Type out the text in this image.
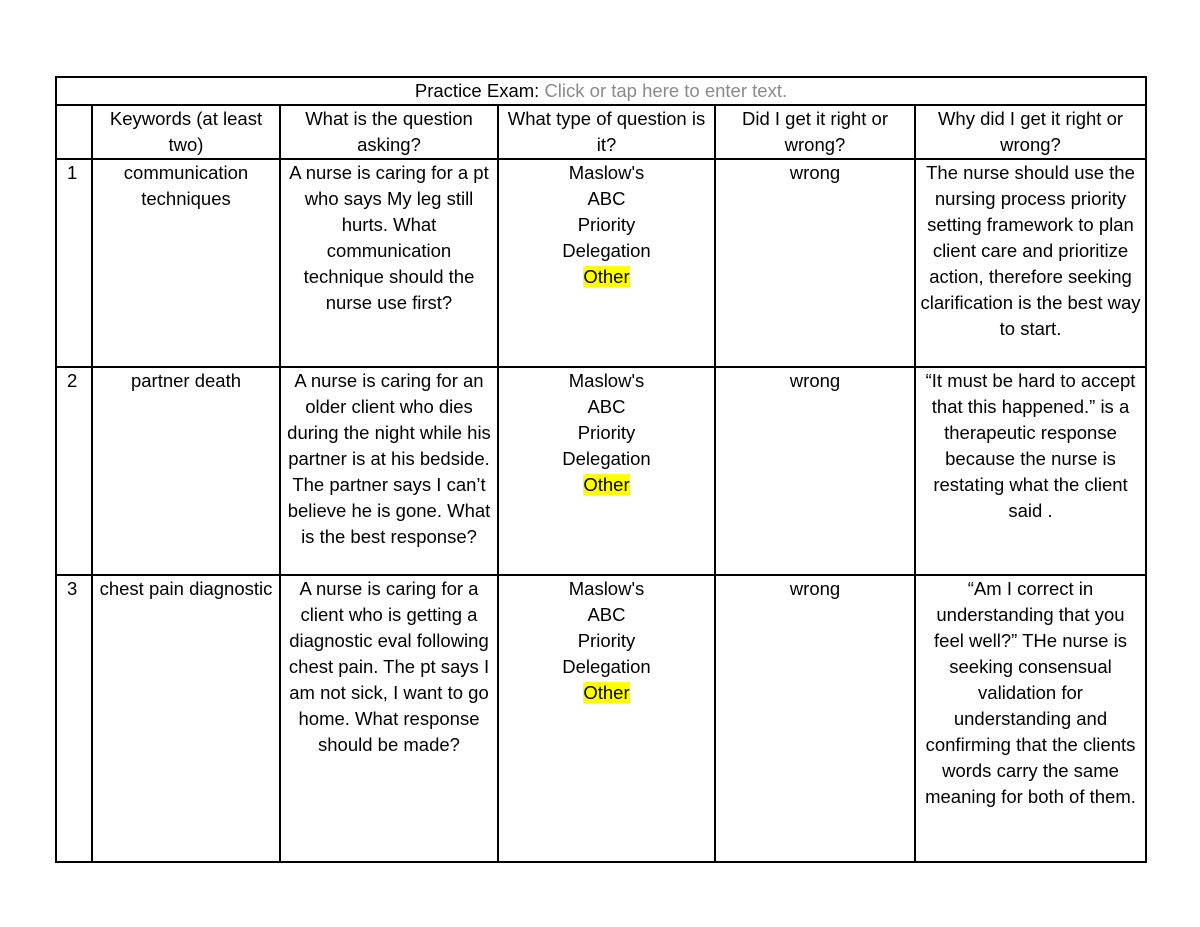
Practice Exam: Click or tap here to enter text.					
	Keywords (at least two)	What is the question asking?	What type of question is it?	Did I get it right or wrong?	Why did I get it right or wrong?
1	communication techniques	A nurse is caring for a pt who says My leg still hurts. What communication technique should the nurse use first?	Maslow's
ABC
Priority
Delegation
Other	wrong	The nurse should use the nursing process priority setting framework to plan client care and prioritize action, therefore seeking clarification is the best way to start.
2	partner death	A nurse is caring for an older client who dies during the night while his partner is at his bedside. The partner says I can’t believe he is gone. What is the best response?	Maslow's
ABC
Priority
Delegation
Other	wrong	“It must be hard to accept that this happened.” is a therapeutic response because the nurse is restating what the client said .
3	chest pain diagnostic	A nurse is caring for a client who is getting a diagnostic eval following chest pain. The pt says I am not sick, I want to go home. What response should be made?	Maslow's
ABC
Priority
Delegation
Other	wrong	“Am I correct in understanding that you feel well?” THe nurse is seeking consensual validation for understanding and confirming that the clients words carry the same meaning for both of them.
